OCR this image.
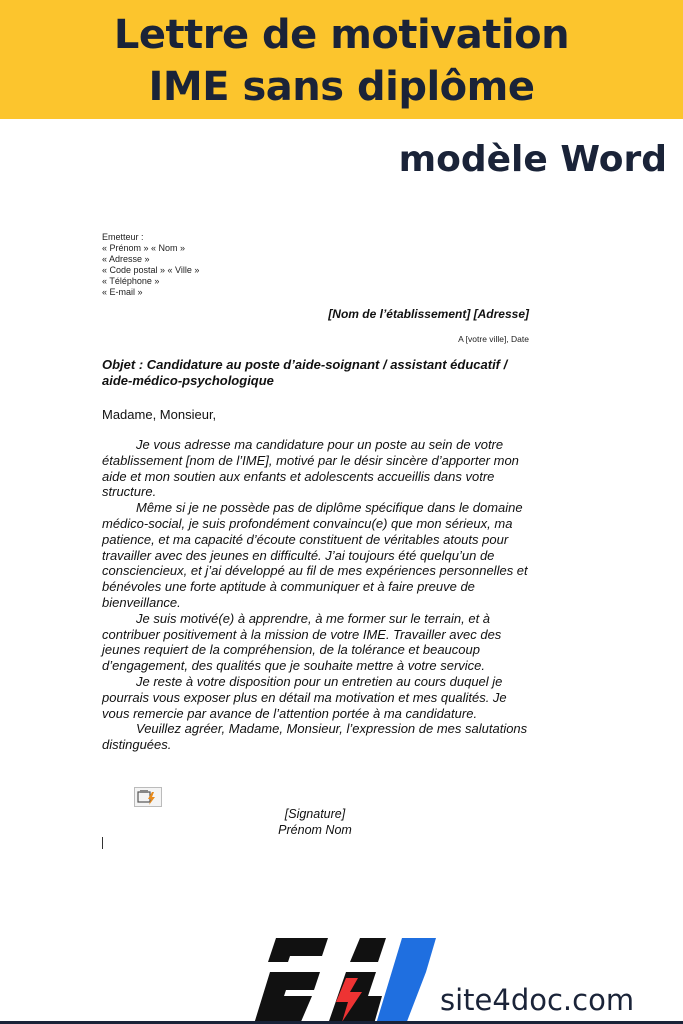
Lettre de motivation
IME sans diplôme
modèle Word
Emetteur :
« Prénom » « Nom »
« Adresse »
« Code postal » « Ville »
« Téléphone »
« E-mail »
[Nom de l’établissement] [Adresse]
A [votre ville], Date
Objet : Candidature au poste d’aide-soignant / assistant éducatif / aide-médico-psychologique
Madame, Monsieur,

Je vous adresse ma candidature pour un poste au sein de votre établissement [nom de l’IME], motivé par le désir sincère d’apporter mon aide et mon soutien aux enfants et adolescents accueillis dans votre structure.

Même si je ne possède pas de diplôme spécifique dans le domaine médico-social, je suis profondément convaincu(e) que mon sérieux, ma patience, et ma capacité d’écoute constituent de véritables atouts pour travailler avec des jeunes en difficulté. J’ai toujours été quelqu’un de consciencieux, et j’ai développé au fil de mes expériences personnelles et bénévoles une forte aptitude à communiquer et à faire preuve de bienveillance.

Je suis motivé(e) à apprendre, à me former sur le terrain, et à contribuer positivement à la mission de votre IME. Travailler avec des jeunes requiert de la compréhension, de la tolérance et beaucoup d’engagement, des qualités que je souhaite mettre à votre service.

Je reste à votre disposition pour un entretien au cours duquel je pourrais vous exposer plus en détail ma motivation et mes qualités. Je vous remercie par avance de l’attention portée à ma candidature.

Veuillez agréer, Madame, Monsieur, l’expression de mes salutations distinguées.

[Signature]
Prénom Nom
site4doc.com
